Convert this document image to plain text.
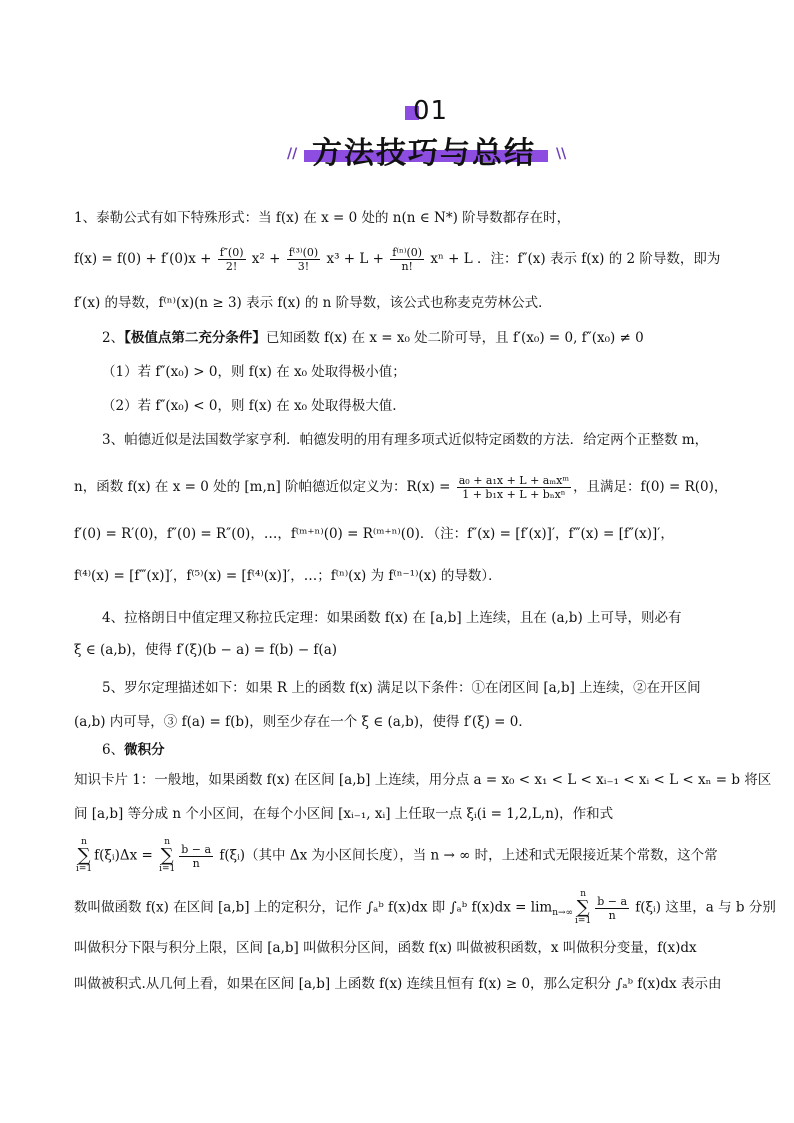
01
// 方法技巧与总结 \\
1、泰勒公式有如下特殊形式：当 f(x) 在 x = 0 处的 n(n ∈ N*) 阶导数都存在时，
$f(x) = f(0) + f'(0)x + \frac{f''(0)}{2!} x^2 + \frac{\text{f⁽³⁾(0)}}{3!} x^3 + L + \frac{\text{f⁽ⁿ⁾(0)}}{n!}$ xⁿ + L ．注：f″(x) 表示 f(x) 的 2 阶导数，即为
f′(x) 的导数，f⁽ⁿ⁾(x)(n ≥ 3) 表示 f(x) 的 n 阶导数，该公式也称麦克劳林公式．
2、【极值点第二充分条件】已知函数 f(x) 在 x = x₀ 处二阶可导，且 f′(x₀) = 0, f″(x₀) ≠ 0
（1）若 f″(x₀) > 0，则 f(x) 在 x₀ 处取得极小值；
（2）若 f″(x₀) < 0，则 f(x) 在 x₀ 处取得极大值.
3、帕德近似是法国数学家亨利．帕德发明的用有理多项式近似特定函数的方法．给定两个正整数 m，
n，函数 f(x) 在 x = 0 处的 [m,n] 阶帕德近似定义为：$R(x) = \frac{\text{a₀ + a₁x + L + aₘxᵐ}}{\text{1 + b₁x + L + bₙxⁿ}}$ ，且满足：f(0) = R(0)，
f′(0) = R′(0)，f″(0) = R″(0)，…，f⁽ᵐ⁺ⁿ⁾(0) = R⁽ᵐ⁺ⁿ⁾(0)．（注：f″(x) = [f′(x)]′，f‴(x) = [f″(x)]′，
f⁽⁴⁾(x) = [f‴(x)]′，f⁽⁵⁾(x) = [f⁽⁴⁾(x)]′，…；f⁽ⁿ⁾(x) 为 f⁽ⁿ⁻¹⁾(x) 的导数）．
4、拉格朗日中值定理又称拉氏定理：如果函数 f(x) 在 [a,b] 上连续，且在 (a,b) 上可导，则必有
ξ ∈ (a,b)，使得 f′(ξ)(b − a) = f(b) − f(a)
5、罗尔定理描述如下：如果 R 上的函数 f(x) 满足以下条件：①在闭区间 [a,b] 上连续，②在开区间
(a,b) 内可导，③ f(a) = f(b)，则至少存在一个 ξ ∈ (a,b)，使得 f′(ξ) = 0．
6、微积分
知识卡片 1：一般地，如果函数 f(x) 在区间 [a,b] 上连续，用分点 a = x₀ < x₁ < L < xᵢ₋₁ < xᵢ < L < xₙ = b 将区
间 [a,b] 等分成 n 个小区间，在每个小区间 [xᵢ₋₁, xᵢ] 上任取一点 ξᵢ(i = 1,2,L,n)，作和式
n
∑
i=1f(ξᵢ)Δx = n
∑
$i=1 \frac{b - a}{n}$ f(ξᵢ)（其中 Δx 为小区间长度），当 n → ∞ 时，上述和式无限接近某个常数，这个常
数叫做函数 f(x) 在区间 [a,b] 上的定积分，记作 ∫ₐᵇ f(x)dx 即 ∫ₐᵇ $f(x)dx = \lim_{n\to\infty}n$
∑
$i=1 \frac{b - a}{n}$ f(ξᵢ) 这里，a 与 b 分别
叫做积分下限与积分上限，区间 [a,b] 叫做积分区间，函数 f(x) 叫做被积函数，x 叫做积分变量，f(x)dx
叫做被积式.从几何上看，如果在区间 [a,b] 上函数 f(x) 连续且恒有 f(x) ≥ 0，那么定积分 ∫ₐᵇ f(x)dx 表示由
